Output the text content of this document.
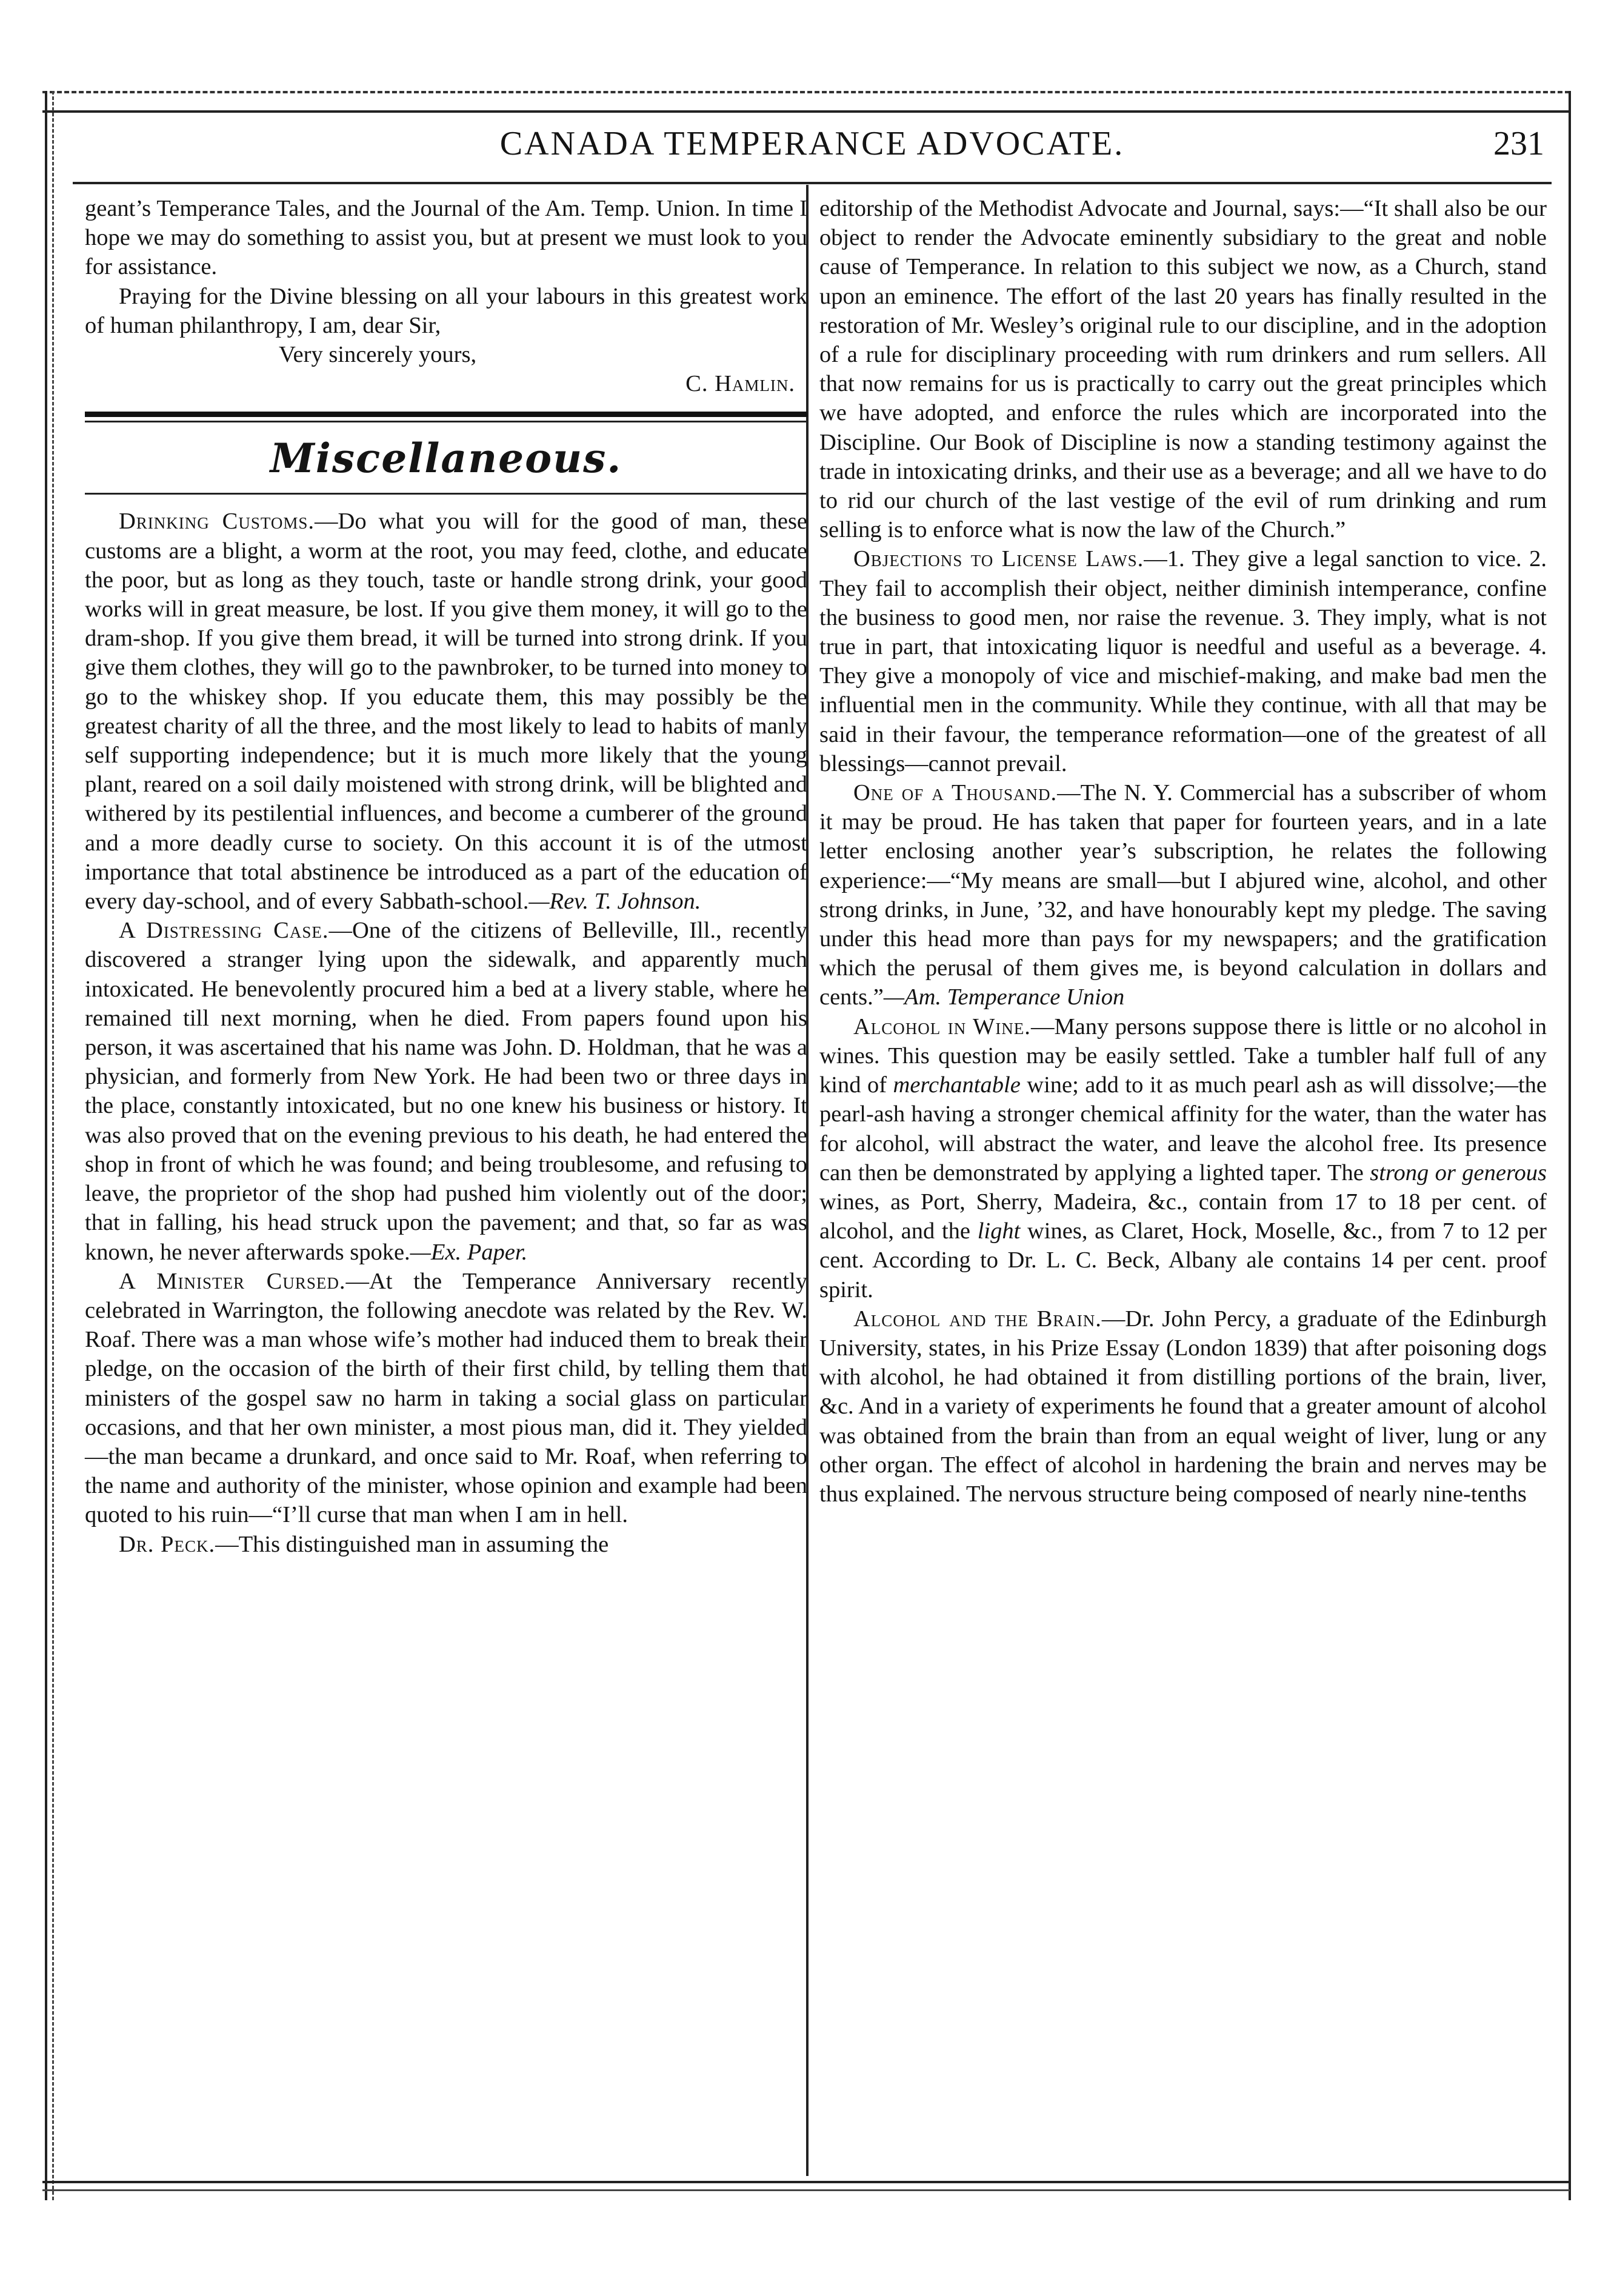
CANADA TEMPERANCE ADVOCATE.	231

geant’s Temperance Tales, and the Journal of the Am. Temp. Union. In time I hope we may do something to assist you, but at present we must look to you for assistance.

Praying for the Divine blessing on all your labours in this greatest work of human philanthropy, I am, dear Sir,

Very sincerely yours,
C. Hamlin.
Miscellaneous.

Drinking Customs.—Do what you will for the good of man, these customs are a blight, a worm at the root, you may feed, clothe, and educate the poor, but as long as they touch, taste or handle strong drink, your good works will in great measure, be lost. If you give them money, it will go to the dram-shop. If you give them bread, it will be turned into strong drink. If you give them clothes, they will go to the pawnbroker, to be turned into money to go to the whiskey shop. If you educate them, this may possibly be the greatest charity of all the three, and the most likely to lead to habits of manly self supporting independence; but it is much more likely that the young plant, reared on a soil daily moistened with strong drink, will be blighted and withered by its pestilential influences, and become a cumberer of the ground and a more deadly curse to society. On this account it is of the utmost importance that total abstinence be introduced as a part of the education of every day-school, and of every Sabbath-school.—Rev. T. Johnson.

A Distressing Case.—One of the citizens of Belleville, Ill., recently discovered a stranger lying upon the sidewalk, and apparently much intoxicated. He benevolently procured him a bed at a livery stable, where he remained till next morning, when he died. From papers found upon his person, it was ascertained that his name was John. D. Holdman, that he was a physician, and formerly from New York. He had been two or three days in the place, constantly intoxicated, but no one knew his business or history. It was also proved that on the evening previous to his death, he had entered the shop in front of which he was found; and being troublesome, and refusing to leave, the proprietor of the shop had pushed him violently out of the door; that in falling, his head struck upon the pavement; and that, so far as was known, he never afterwards spoke.—Ex. Paper.

A Minister Cursed.—At the Temperance Anniversary recently celebrated in Warrington, the following anecdote was related by the Rev. W. Roaf. There was a man whose wife’s mother had induced them to break their pledge, on the occasion of the birth of their first child, by telling them that ministers of the gospel saw no harm in taking a social glass on particular occasions, and that her own minister, a most pious man, did it. They yielded—the man became a drunkard, and once said to Mr. Roaf, when referring to the name and authority of the minister, whose opinion and example had been quoted to his ruin—“I’ll curse that man when I am in hell.

Dr. Peck.—This distinguished man in assuming the

editorship of the Methodist Advocate and Journal, says:—“It shall also be our object to render the Advocate eminently subsidiary to the great and noble cause of Temperance. In relation to this subject we now, as a Church, stand upon an eminence. The effort of the last 20 years has finally resulted in the restoration of Mr. Wesley’s original rule to our discipline, and in the adoption of a rule for disciplinary proceeding with rum drinkers and rum sellers. All that now remains for us is practically to carry out the great principles which we have adopted, and enforce the rules which are incorporated into the Discipline. Our Book of Discipline is now a standing testimony against the trade in intoxicating drinks, and their use as a beverage; and all we have to do to rid our church of the last vestige of the evil of rum drinking and rum selling is to enforce what is now the law of the Church.”

Objections to License Laws.—1. They give a legal sanction to vice. 2. They fail to accomplish their object, neither diminish intemperance, confine the business to good men, nor raise the revenue. 3. They imply, what is not true in part, that intoxicating liquor is needful and useful as a beverage. 4. They give a monopoly of vice and mischief-making, and make bad men the influential men in the community. While they continue, with all that may be said in their favour, the temperance reformation—one of the greatest of all blessings—cannot prevail.

One of a Thousand.—The N. Y. Commercial has a subscriber of whom it may be proud. He has taken that paper for fourteen years, and in a late letter enclosing another year’s subscription, he relates the following experience:—“My means are small—but I abjured wine, alcohol, and other strong drinks, in June, ’32, and have honourably kept my pledge. The saving under this head more than pays for my newspapers; and the gratification which the perusal of them gives me, is beyond calculation in dollars and cents.”—Am. Temperance Union

Alcohol in Wine.—Many persons suppose there is little or no alcohol in wines. This question may be easily settled. Take a tumbler half full of any kind of merchantable wine; add to it as much pearl ash as will dissolve;—the pearl-ash having a stronger chemical affinity for the water, than the water has for alcohol, will abstract the water, and leave the alcohol free. Its presence can then be demonstrated by applying a lighted taper. The strong or generous wines, as Port, Sherry, Madeira, &c., contain from 17 to 18 per cent. of alcohol, and the light wines, as Claret, Hock, Moselle, &c., from 7 to 12 per cent. According to Dr. L. C. Beck, Albany ale contains 14 per cent. proof spirit.

Alcohol and the Brain.—Dr. John Percy, a graduate of the Edinburgh University, states, in his Prize Essay (London 1839) that after poisoning dogs with alcohol, he had obtained it from distilling portions of the brain, liver, &c. And in a variety of experiments he found that a greater amount of alcohol was obtained from the brain than from an equal weight of liver, lung or any other organ. The effect of alcohol in hardening the brain and nerves may be thus explained. The nervous structure being composed of nearly nine-tenths
